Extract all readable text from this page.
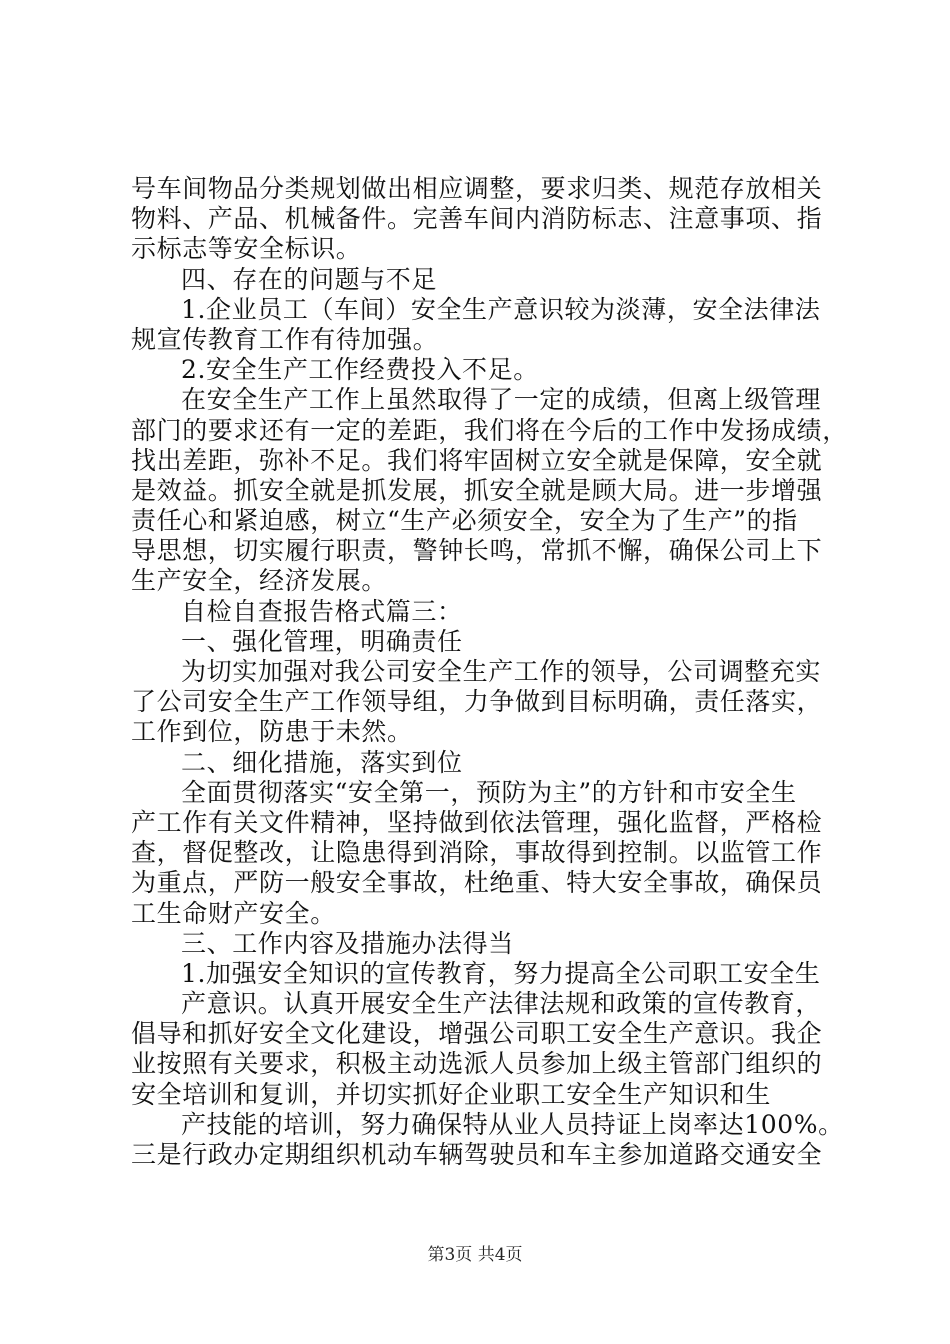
号车间物品分类规划做出相应调整，要求归类、规范存放相关
物料、产品、机械备件。完善车间内消防标志、注意事项、指
示标志等安全标识。
四、存在的问题与不足
1.企业员工（车间）安全生产意识较为淡薄，安全法律法
规宣传教育工作有待加强。
2.安全生产工作经费投入不足。
在安全生产工作上虽然取得了一定的成绩，但离上级管理
部门的要求还有一定的差距，我们将在今后的工作中发扬成绩，
找出差距，弥补不足。我们将牢固树立安全就是保障，安全就
是效益。抓安全就是抓发展，抓安全就是顾大局。进一步增强
责任心和紧迫感，树立“生产必须安全，安全为了生产”的指
导思想，切实履行职责，警钟长鸣，常抓不懈，确保公司上下
生产安全，经济发展。
自检自查报告格式篇三：
一、强化管理，明确责任
为切实加强对我公司安全生产工作的领导，公司调整充实
了公司安全生产工作领导组，力争做到目标明确，责任落实，
工作到位，防患于未然。
二、细化措施，落实到位
全面贯彻落实“安全第一，预防为主”的方针和市安全生
产工作有关文件精神，坚持做到依法管理，强化监督，严格检
查，督促整改，让隐患得到消除，事故得到控制。以监管工作
为重点，严防一般安全事故，杜绝重、特大安全事故，确保员
工生命财产安全。
三、工作内容及措施办法得当
1.加强安全知识的宣传教育，努力提高全公司职工安全生
产意识。认真开展安全生产法律法规和政策的宣传教育，
倡导和抓好安全文化建设，增强公司职工安全生产意识。我企
业按照有关要求，积极主动选派人员参加上级主管部门组织的
安全培训和复训，并切实抓好企业职工安全生产知识和生
产技能的培训，努力确保特从业人员持证上岗率达100%。
三是行政办定期组织机动车辆驾驶员和车主参加道路交通安全
第3页 共4页
